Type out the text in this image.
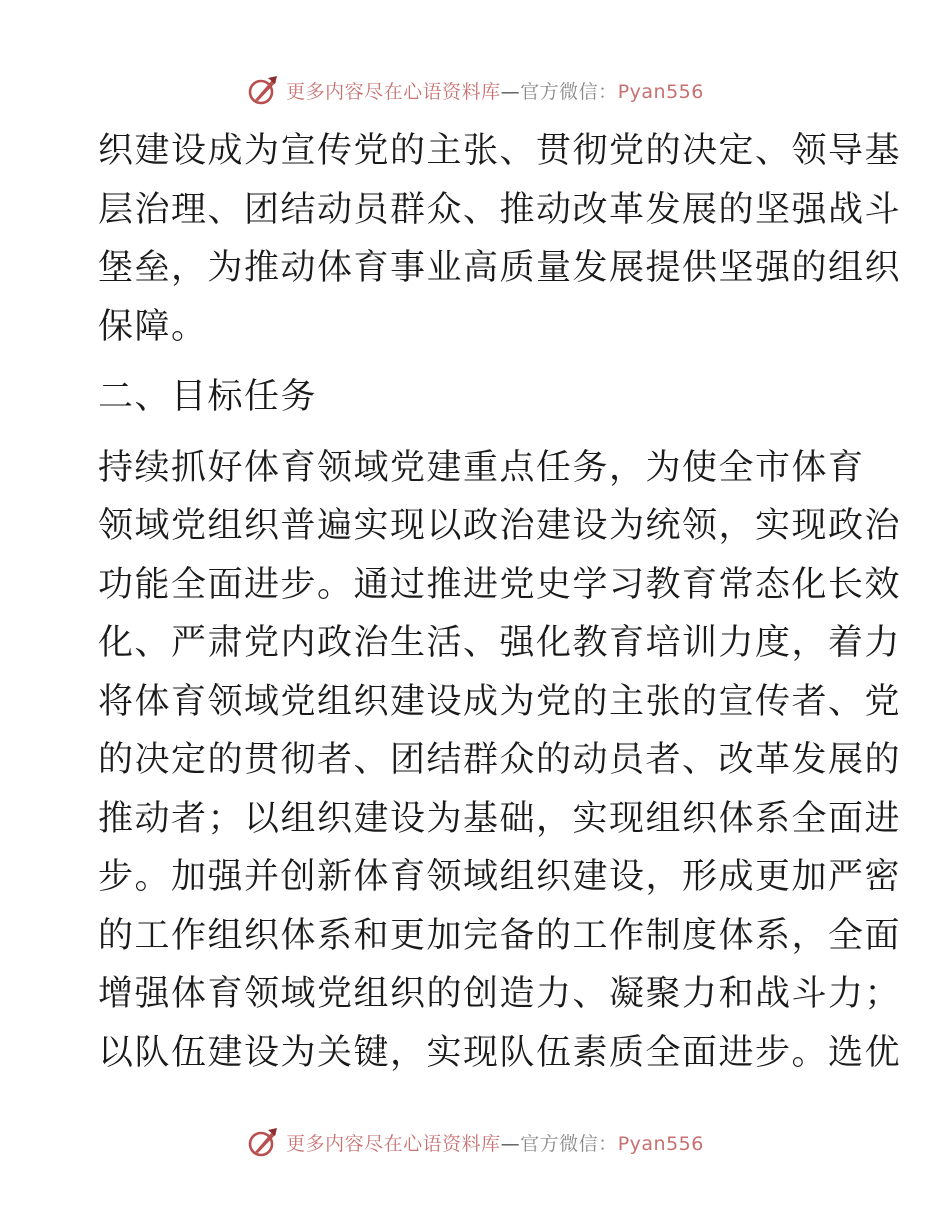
更多内容尽在心语资料库—官方微信：Pyan556
织建设成为宣传党的主张、贯彻党的决定、领导基
层治理、团结动员群众、推动改革发展的坚强战斗
堡垒，为推动体育事业高质量发展提供坚强的组织
保障。
二、目标任务
持续抓好体育领域党建重点任务，为使全市体育
领域党组织普遍实现以政治建设为统领，实现政治
功能全面进步。通过推进党史学习教育常态化长效
化、严肃党内政治生活、强化教育培训力度，着力
将体育领域党组织建设成为党的主张的宣传者、党
的决定的贯彻者、团结群众的动员者、改革发展的
推动者；以组织建设为基础，实现组织体系全面进
步。加强并创新体育领域组织建设，形成更加严密
的工作组织体系和更加完备的工作制度体系，全面
增强体育领域党组织的创造力、凝聚力和战斗力；
以队伍建设为关键，实现队伍素质全面进步。选优
更多内容尽在心语资料库—官方微信：Pyan556
